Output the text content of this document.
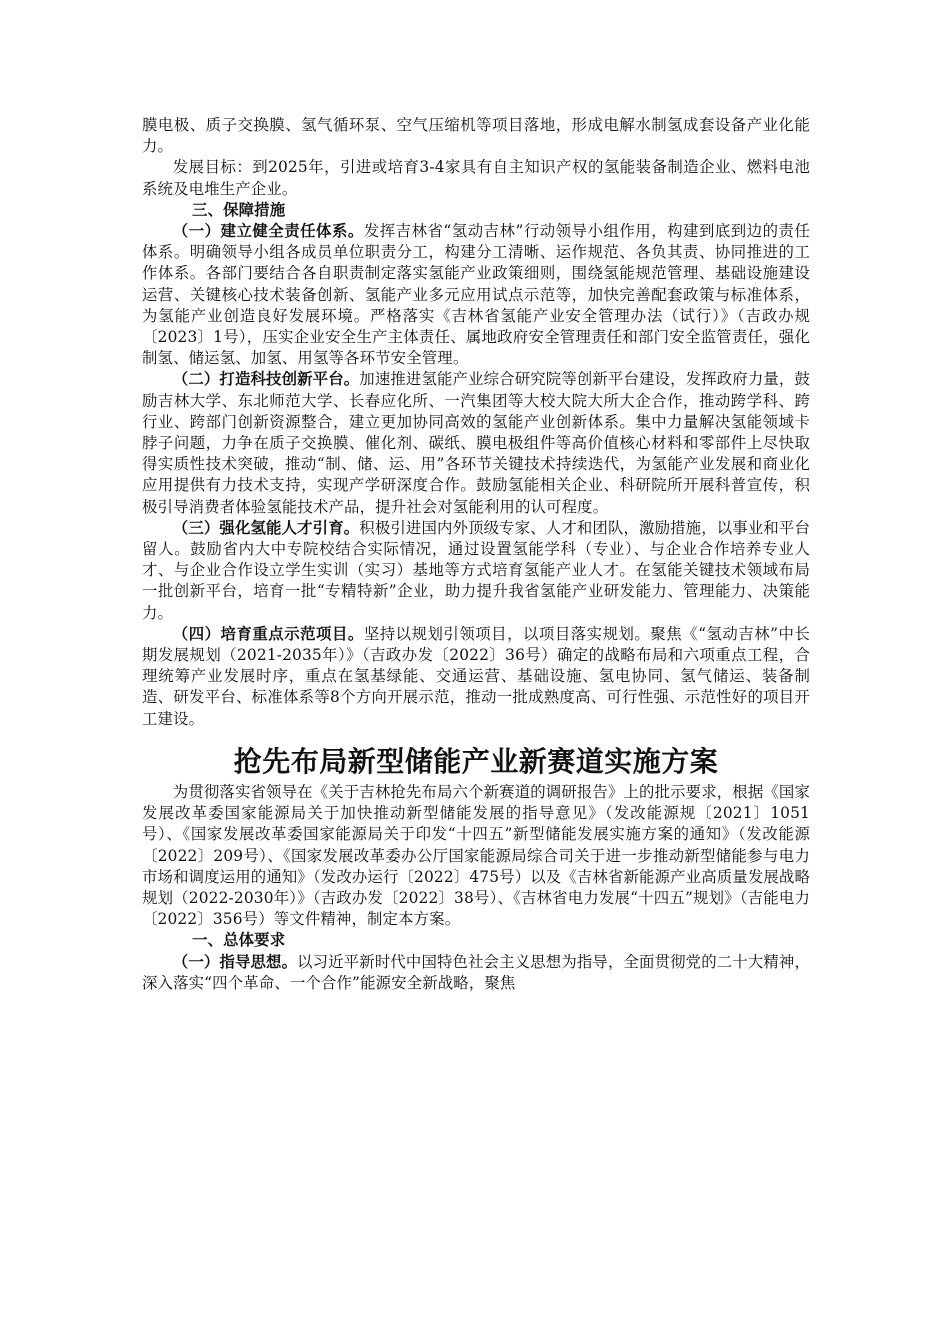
膜电极、质子交换膜、氢气循环泵、空气压缩机等项目落地，形成电解水制氢成套设备产业化能力。

发展目标：到2025年，引进或培育3-4家具有自主知识产权的氢能装备制造企业、燃料电池系统及电堆生产企业。

三、保障措施

（一）建立健全责任体系。发挥吉林省“氢动吉林”行动领导小组作用，构建到底到边的责任体系。明确领导小组各成员单位职责分工，构建分工清晰、运作规范、各负其责、协同推进的工作体系。各部门要结合各自职责制定落实氢能产业政策细则，围绕氢能规范管理、基础设施建设运营、关键核心技术装备创新、氢能产业多元应用试点示范等，加快完善配套政策与标准体系，为氢能产业创造良好发展环境。严格落实《吉林省氢能产业安全管理办法（试行）》（吉政办规〔2023〕1号），压实企业安全生产主体责任、属地政府安全管理责任和部门安全监管责任，强化制氢、储运氢、加氢、用氢等各环节安全管理。

（二）打造科技创新平台。加速推进氢能产业综合研究院等创新平台建设，发挥政府力量，鼓励吉林大学、东北师范大学、长春应化所、一汽集团等大校大院大所大企合作，推动跨学科、跨行业、跨部门创新资源整合，建立更加协同高效的氢能产业创新体系。集中力量解决氢能领域卡脖子问题，力争在质子交换膜、催化剂、碳纸、膜电极组件等高价值核心材料和零部件上尽快取得实质性技术突破，推动“制、储、运、用”各环节关键技术持续迭代，为氢能产业发展和商业化应用提供有力技术支持，实现产学研深度合作。鼓励氢能相关企业、科研院所开展科普宣传，积极引导消费者体验氢能技术产品，提升社会对氢能利用的认可程度。

（三）强化氢能人才引育。积极引进国内外顶级专家、人才和团队，激励措施，以事业和平台留人。鼓励省内大中专院校结合实际情况，通过设置氢能学科（专业）、与企业合作培养专业人才、与企业合作设立学生实训（实习）基地等方式培育氢能产业人才。在氢能关键技术领域布局一批创新平台，培育一批“专精特新”企业，助力提升我省氢能产业研发能力、管理能力、决策能力。

（四）培育重点示范项目。坚持以规划引领项目，以项目落实规划。聚焦《“氢动吉林”中长期发展规划（2021-2035年）》（吉政办发〔2022〕36号）确定的战略布局和六项重点工程，合理统筹产业发展时序，重点在氢基绿能、交通运营、基础设施、氢电协同、氢气储运、装备制造、研发平台、标准体系等8个方向开展示范，推动一批成熟度高、可行性强、示范性好的项目开工建设。

抢先布局新型储能产业新赛道实施方案

为贯彻落实省领导在《关于吉林抢先布局六个新赛道的调研报告》上的批示要求，根据《国家发展改革委国家能源局关于加快推动新型储能发展的指导意见》（发改能源规〔2021〕1051号）、《国家发展改革委国家能源局关于印发“十四五”新型储能发展实施方案的通知》（发改能源〔2022〕209号）、《国家发展改革委办公厅国家能源局综合司关于进一步推动新型储能参与电力市场和调度运用的通知》（发改办运行〔2022〕475号）以及《吉林省新能源产业高质量发展战略规划（2022-2030年）》（吉政办发〔2022〕38号）、《吉林省电力发展“十四五”规划》（吉能电力〔2022〕356号）等文件精神，制定本方案。

一、总体要求

（一）指导思想。以习近平新时代中国特色社会主义思想为指导，全面贯彻党的二十大精神，深入落实“四个革命、一个合作”能源安全新战略，聚焦
